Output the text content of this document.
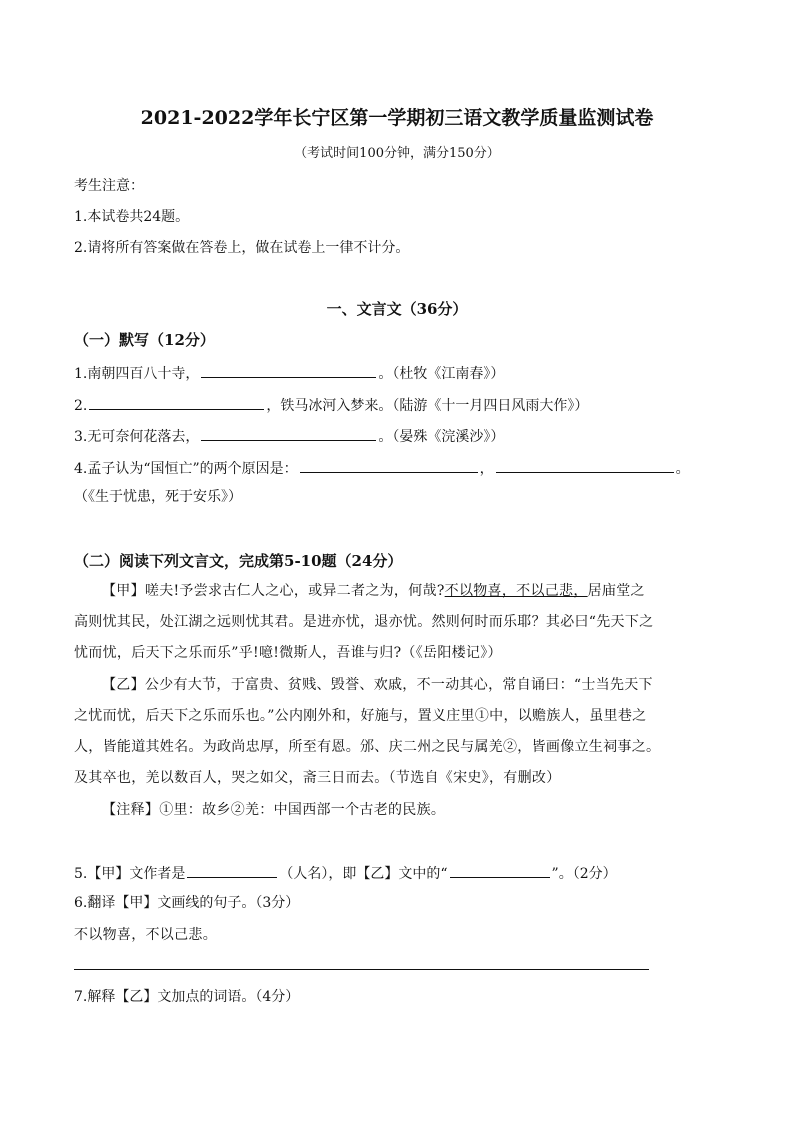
2021-2022学年长宁区第一学期初三语文教学质量监测试卷
（考试时间100分钟，满分150分）
考生注意：
1.本试卷共24题。
2.请将所有答案做在答卷上，做在试卷上一律不计分。
一、文言文（36分）
（一）默写（12分）
1.南朝四百八十寺，	。（杜牧《江南春》）
2.	，铁马冰河入梦来。（陆游《十一月四日风雨大作》）
3.无可奈何花落去，	。（晏殊《浣溪沙》）
4.孟子认为“国恒亡”的两个原因是：	，	。
（《生于忧患，死于安乐》）
（二）阅读下列文言文，完成第5-10题（24分）
【甲】嗟夫!予尝求古仁人之心，或异二者之为，何哉?不以物喜，不以己悲，居庙堂之
高则忧其民，处江湖之远则忧其君。是进亦忧，退亦忧。然则何时而乐耶？其必曰“先天下之
忧而忧，后天下之乐而乐”乎!噫!微斯人，吾谁与归?（《岳阳楼记》）
【乙】公少有大节，于富贵、贫贱、毁誉、欢戚，不一动其心，常自诵曰：“士当先天下
之忧而忧，后天下之乐而乐也。”公内刚外和，好施与，置义庄里①中，以赡族人，虽里巷之
人，皆能道其姓名。为政尚忠厚，所至有恩。邠、庆二州之民与属羌②，皆画像立生祠事之。
及其卒也，羌以数百人，哭之如父，斋三日而去。（节选自《宋史》，有删改）
【注释】①里：故乡②羌：中国西部一个古老的民族。
5.【甲】文作者是	（人名），即【乙】文中的“	”。（2分）
6.翻译【甲】文画线的句子。（3分）
不以物喜，不以己悲。
7.解释【乙】文加点的词语。（4分）
